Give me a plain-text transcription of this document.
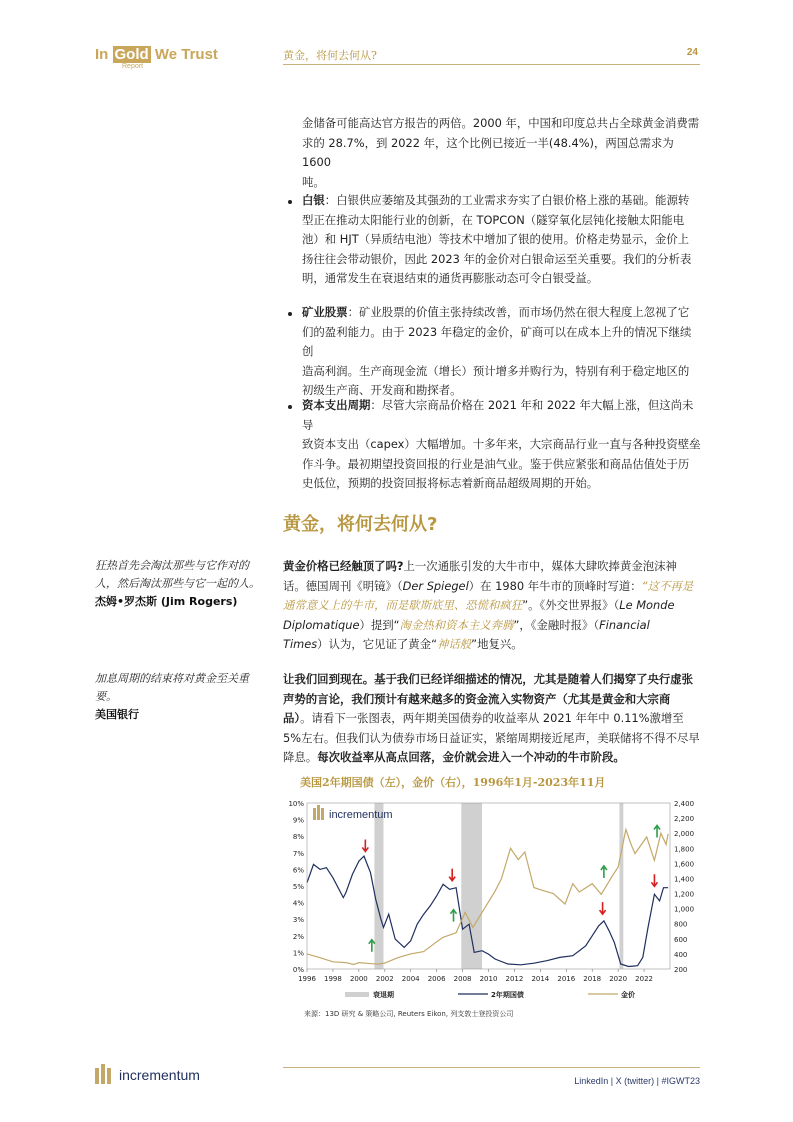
In Gold We Trust
Report
黄金，将何去何从?	24
金储备可能高达官方报告的两倍。2000 年，中国和印度总共占全球黄金消费需
求的 28.7%，到 2022 年，这个比例已接近一半(48.4%)，两国总需求为 1600
吨。
白银：白银供应萎缩及其强劲的工业需求夯实了白银价格上涨的基础。能源转
型正在推动太阳能行业的创新，在 TOPCON（隧穿氧化层钝化接触太阳能电
池）和 HJT（异质结电池）等技术中增加了银的使用。价格走势显示，金价上
扬往往会带动银价，因此 2023 年的金价对白银命运至关重要。我们的分析表
明，通常发生在衰退结束的通货再膨胀动态可令白银受益。
矿业股票：矿业股票的价值主张持续改善，而市场仍然在很大程度上忽视了它
们的盈利能力。由于 2023 年稳定的金价，矿商可以在成本上升的情况下继续创
造高利润。生产商现金流（增长）预计增多并购行为，特别有利于稳定地区的
初级生产商、开发商和勘探者。
资本支出周期：尽管大宗商品价格在 2021 年和 2022 年大幅上涨，但这尚未导
致资本支出（capex）大幅增加。十多年来，大宗商品行业一直与各种投资壁垒
作斗争。最初期望投资回报的行业是油气业。鉴于供应紧张和商品估值处于历
史低位，预期的投资回报将标志着新商品超级周期的开始。
黄金，将何去何从?
狂热首先会淘汰那些与它作对的
人，然后淘汰那些与它一起的人。
杰姆•罗杰斯 (Jim Rogers)
加息周期的结束将对黄金至关重
要。
美国银行
黄金价格已经触顶了吗?上一次通胀引发的大牛市中，媒体大肆吹捧黄金泡沫神
话。德国周刊《明镜》（Der Spiegel）在 1980 年牛市的顶峰时写道：“这不再是
通常意义上的牛市，而是歇斯底里、恐慌和疯狂”。《外交世界报》（Le Monde
Diplomatique）提到“淘金热和资本主义奔腾”，《金融时报》（Financial
Times）认为，它见证了黄金“神话般”地复兴。
让我们回到现在。基于我们已经详细描述的情况，尤其是随着人们揭穿了央行虚张
声势的言论，我们预计有越来越多的资金流入实物资产（尤其是黄金和大宗商
品）。请看下一张图表，两年期美国债券的收益率从 2021 年年中 0.11%激增至
5%左右。但我们认为债券市场日益证实，紧缩周期接近尾声，美联储将不得不尽早
降息。每次收益率从高点回落，金价就会进入一个冲动的牛市阶段。
美国2年期国债（左），金价（右），1996年1月-2023年11月
0%
1%
2%
3%
4%
5%
6%
7%
8%
9%
10%
200
400
600
800
1,000
1,200
1,400
1,600
1,800
2,000
2,200
2,400
1996 1998 2000 2002 2004 2006 2008 2010 2012 2014 2016 2018 2020 2022
衰退期	2年期国债	金价
incrementum
来源：13D 研究 & 策略公司, Reuters Eikon, 列支敦士登投资公司
incrementum	LinkedIn | X (twitter) | #IGWT23
